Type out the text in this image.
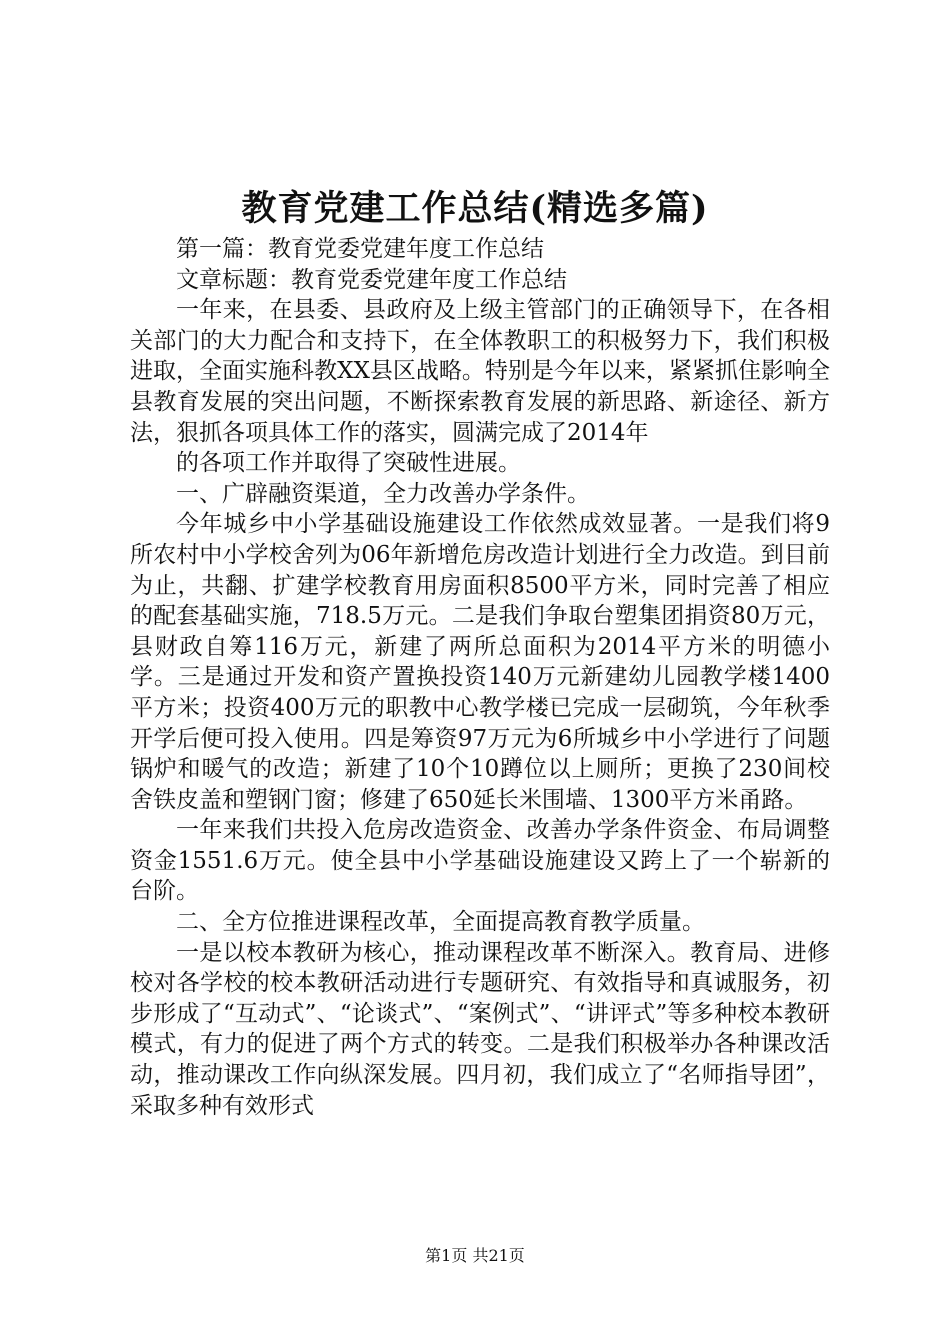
教育党建工作总结(精选多篇)

第一篇：教育党委党建年度工作总结

文章标题：教育党委党建年度工作总结

一年来，在县委、县政府及上级主管部门的正确领导下，在各相关部门的大力配合和支持下，在全体教职工的积极努力下，我们积极进取，全面实施科教XX县区战略。特别是今年以来，紧紧抓住影响全县教育发展的突出问题，不断探索教育发展的新思路、新途径、新方法，狠抓各项具体工作的落实，圆满完成了2014年

的各项工作并取得了突破性进展。

一、广辟融资渠道，全力改善办学条件。

今年城乡中小学基础设施建设工作依然成效显著。一是我们将9所农村中小学校舍列为06年新增危房改造计划进行全力改造。到目前为止，共翻、扩建学校教育用房面积8500平方米，同时完善了相应的配套基础实施，718.5万元。二是我们争取台塑集团捐资80万元，县财政自筹116万元，新建了两所总面积为2014平方米的明德小学。三是通过开发和资产置换投资140万元新建幼儿园教学楼1400平方米；投资400万元的职教中心教学楼已完成一层砌筑，今年秋季开学后便可投入使用。四是筹资97万元为6所城乡中小学进行了问题锅炉和暖气的改造；新建了10个10蹲位以上厕所；更换了230间校舍铁皮盖和塑钢门窗；修建了650延长米围墙、1300平方米甬路。

一年来我们共投入危房改造资金、改善办学条件资金、布局调整资金1551.6万元。使全县中小学基础设施建设又跨上了一个崭新的台阶。

二、全方位推进课程改革，全面提高教育教学质量。

一是以校本教研为核心，推动课程改革不断深入。教育局、进修校对各学校的校本教研活动进行专题研究、有效指导和真诚服务，初步形成了“互动式”、“论谈式”、“案例式”、“讲评式”等多种校本教研模式，有力的促进了两个方式的转变。二是我们积极举办各种课改活动，推动课改工作向纵深发展。四月初，我们成立了“名师指导团”，采取多种有效形式

第1页 共21页
